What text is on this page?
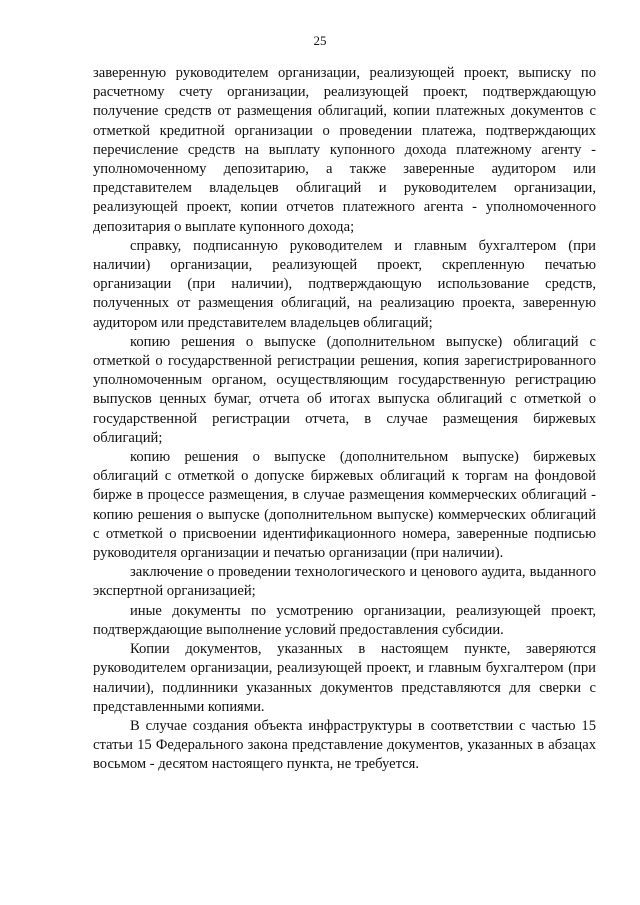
25

заверенную руководителем организации, реализующей проект, выписку по расчетному счету организации, реализующей проект, подтверждающую получение средств от размещения облигаций, копии платежных документов с отметкой кредитной организации о проведении платежа, подтверждающих перечисление средств на выплату купонного дохода платежному агенту - уполномоченному депозитарию, а также заверенные аудитором или представителем владельцев облигаций и руководителем организации, реализующей проект, копии отчетов платежного агента - уполномоченного депозитария о выплате купонного дохода;

справку, подписанную руководителем и главным бухгалтером (при наличии) организации, реализующей проект, скрепленную печатью организации (при наличии), подтверждающую использование средств, полученных от размещения облигаций, на реализацию проекта, заверенную аудитором или представителем владельцев облигаций;

копию решения о выпуске (дополнительном выпуске) облигаций с отметкой о государственной регистрации решения, копия зарегистрированного уполномоченным органом, осуществляющим государственную регистрацию выпусков ценных бумаг, отчета об итогах выпуска облигаций с отметкой о государственной регистрации отчета, в случае размещения биржевых облигаций;

копию решения о выпуске (дополнительном выпуске) биржевых облигаций с отметкой о допуске биржевых облигаций к торгам на фондовой бирже в процессе размещения, в случае размещения коммерческих облигаций - копию решения о выпуске (дополнительном выпуске) коммерческих облигаций с отметкой о присвоении идентификационного номера, заверенные подписью руководителя организации и печатью организации (при наличии).

заключение о проведении технологического и ценового аудита, выданного экспертной организацией;

иные документы по усмотрению организации, реализующей проект, подтверждающие выполнение условий предоставления субсидии.

Копии документов, указанных в настоящем пункте, заверяются руководителем организации, реализующей проект, и главным бухгалтером (при наличии), подлинники указанных документов представляются для сверки с представленными копиями.

В случае создания объекта инфраструктуры в соответствии с частью 15 статьи 15 Федерального закона представление документов, указанных в абзацах восьмом - десятом настоящего пункта, не требуется.
